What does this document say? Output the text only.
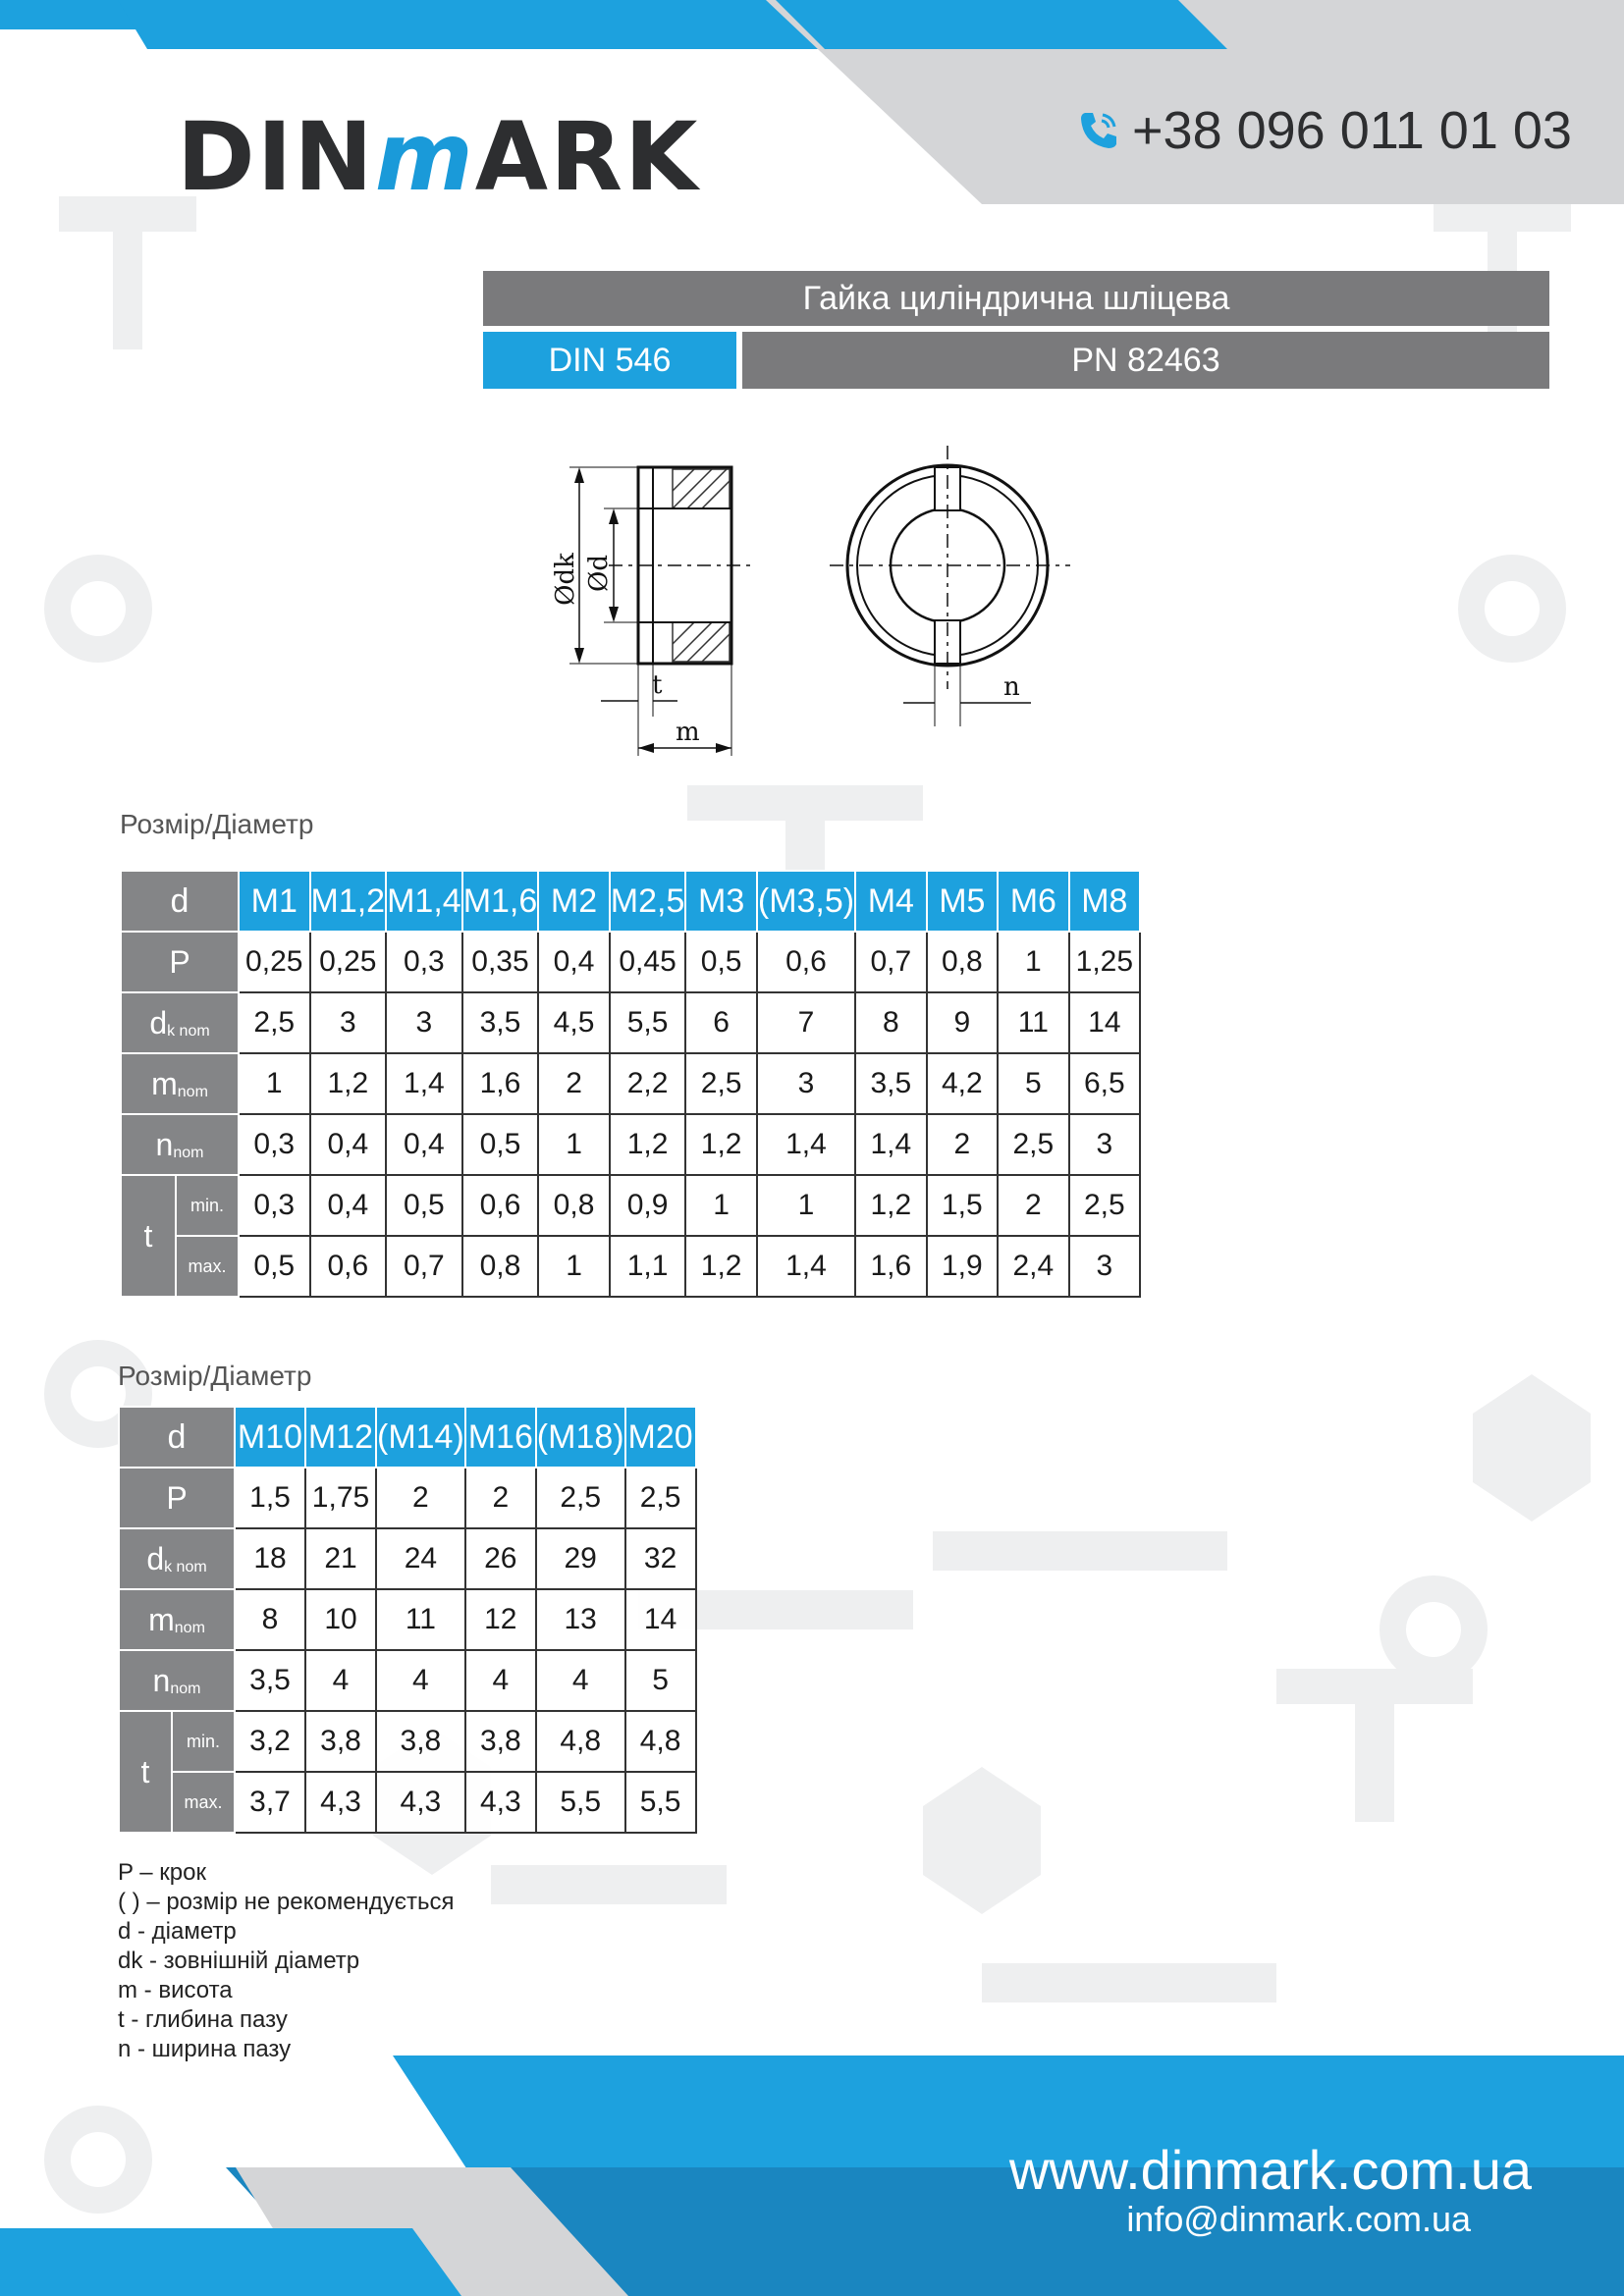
DINmARK	+38 096 011 01 03
Гайка циліндрична шліцева
DIN 546	PN 82463
Ødk Ød
t
m
n
Розмір/Діаметр
d		M1	M1,2	M1,4	M1,6	M2	M2,5	M3	(M3,5)	M4	M5	M6	M8
P		0,25	0,25	0,3	0,35	0,4	0,45	0,5	0,6	0,7	0,8	1	1,25
$d_{k nom}$		2,5	3	3	3,5	4,5	5,5	6	7	8	9	11	14
$m_{nom}$		1	1,2	1,4	1,6	2	2,2	2,5	3	3,5	4,2	5	6,5
$n_{nom}$		0,3	0,4	0,4	0,5	1	1,2	1,2	1,4	1,4	2	2,5	3
t	min.	0,3	0,4	0,5	0,6	0,8	0,9	1	1	1,2	1,5	2	2,5
	max.	0,5	0,6	0,7	0,8	1	1,1	1,2	1,4	1,6	1,9	2,4	3
Розмір/Діаметр
d		M10	M12	(M14)	M16	(M18)	M20
P		1,5	1,75	2	2	2,5	2,5
$d_{k nom}$		18	21	24	26	29	32
$m_{nom}$		8	10	11	12	13	14
$n_{nom}$		3,5	4	4	4	4	5
t	min.	3,2	3,8	3,8	3,8	4,8	4,8
	max.	3,7	4,3	4,3	4,3	5,5	5,5
P – крок
( ) – розмір не рекомендується
d - діаметр
dk - зовнішній діаметр
m - висота
t - глибина пазу
n - ширина пазу
www.dinmark.com.ua
info@dinmark.com.ua
